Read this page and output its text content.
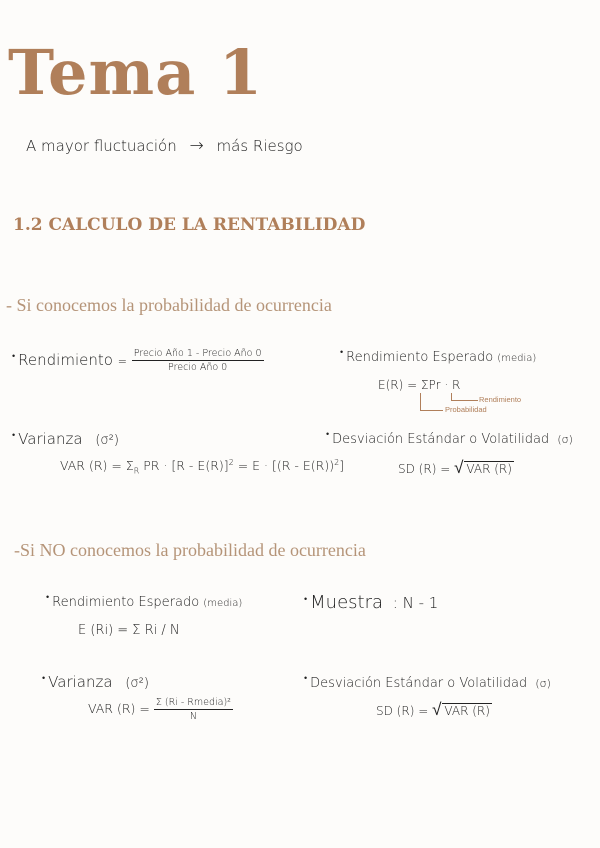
Tema 1
A mayor fluctuación → más Riesgo
1.2 CALCULO DE LA RENTABILIDAD
- Si conocemos la probabilidad de ocurrencia
• Rendimiento = $\frac{\text{Precio Año 1 - Precio Año 0}}{\text{Precio Año 0}}$	• Rendimiento Esperado (media)
E(R) = ΣPr · R
Rendimiento
Probabilidad
• Varianza (σ²)
VAR $(R) = \Sigma_R$ PR · [R - E(R)]$^2$ = E · [(R - E(R))$^2$]
• Desviación Estándar o Volatilidad (σ)
SD (R) = √ VAR (R)
-Si NO conocemos la probabilidad de ocurrencia
• Rendimiento Esperado (media)
E (Ri) = Σ Ri / N
• Muestra : N - 1
• Varianza (σ²)
VAR $(R) = \frac{\text{Σ (Ri - Rmedia)²}}{N}$
• Desviación Estándar o Volatilidad (σ)
SD (R) = √ VAR (R)
